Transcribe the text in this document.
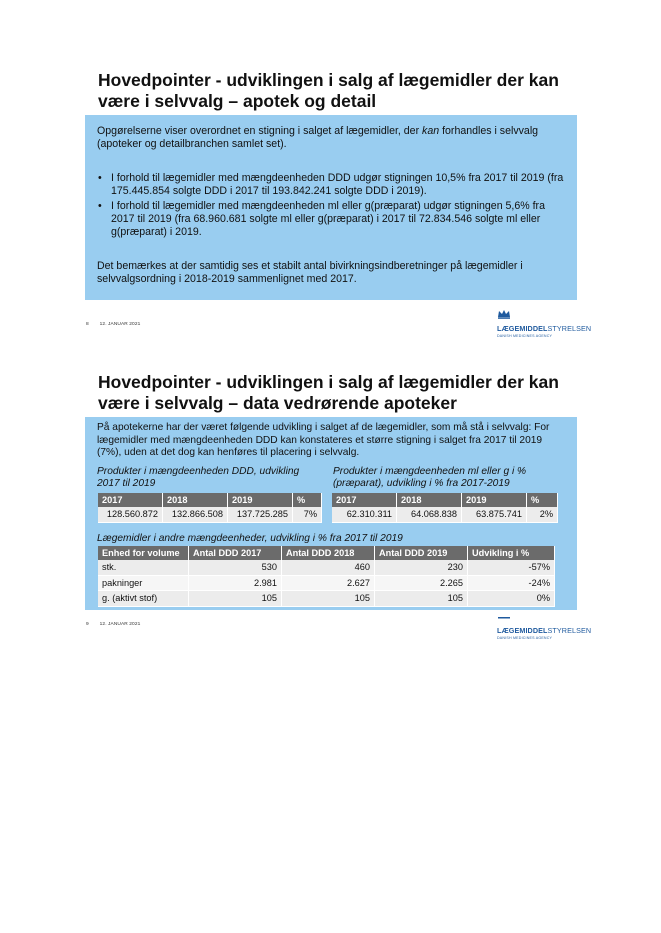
Hovedpointer - udviklingen i salg af lægemidler der kan
være i selvvalg – apotek og detail

Opgørelserne viser overordnet en stigning i salget af lægemidler, der kan forhandles i selvvalg (apoteker og detailbranchen samlet set).

• I forhold til lægemidler med mængdeenheden DDD udgør stigningen 10,5% fra 2017 til 2019 (fra 175.445.854 solgte DDD i 2017 til 193.842.241 solgte DDD i 2019).
• I forhold til lægemidler med mængdeenheden ml eller g(præparat) udgør stigningen 5,6% fra 2017 til 2019 (fra 68.960.681 solgte ml eller g(præparat) i 2017 til 72.834.546 solgte ml eller g(præparat) i 2019.

Det bemærkes at der samtidig ses et stabilt antal bivirkningsindberetninger på lægemidler i selvvalgsordning i 2018-2019 sammenlignet med 2017.

8 12. JANUAR 2021	LÆGEMIDDELSTYRELSEN
DANISH MEDICINES AGENCY
Hovedpointer - udviklingen i salg af lægemidler der kan
være i selvvalg – data vedrørende apoteker

På apotekerne har der været følgende udvikling i salget af de lægemidler, som må stå i selvvalg: For lægemidler med mængdeenheden DDD kan konstateres et større stigning i salget fra 2017 til 2019 (7%), uden at det dog kan henføres til placering i selvvalg.

Produkter i mængdeenheden DDD, udvikling 2017 til 2019
Produkter i mængdeenheden ml eller g i % (præparat), udvikling i % fra 2017-2019
2017	2018	2019	%
128.560.872	132.866.508	137.725.285	7%
2017	2018	2019	%
62.310.311	64.068.838	63.875.741	2%
Lægemidler i andre mængdeenheder, udvikling i % fra 2017 til 2019
Enhed for volume	Antal DDD 2017	Antal DDD 2018	Antal DDD 2019	Udvikling i %
stk.	530	460	230	-57%
pakninger	2.981	2.627	2.265	-24%
g. (aktivt stof)	105	105	105	0%
9 12. JANUAR 2021
LÆGEMIDDELSTYRELSEN
DANISH MEDICINES AGENCY
